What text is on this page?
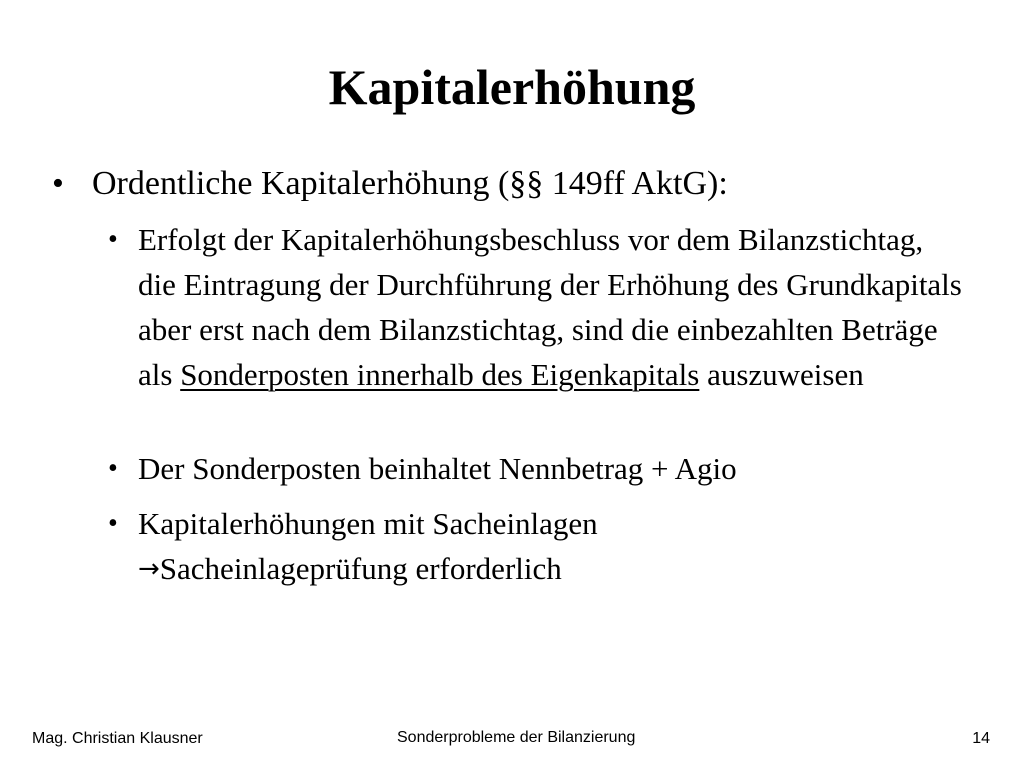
Kapitalerhöhung
• Ordentliche Kapitalerhöhung (§§ 149ff AktG):
• Erfolgt der Kapitalerhöhungsbeschluss vor dem Bilanzstichtag, die Eintragung der Durchführung der Erhöhung des Grundkapitals aber erst nach dem Bilanzstichtag, sind die einbezahlten Beträge als Sonderposten innerhalb des Eigenkapitals auszuweisen
• Der Sonderposten beinhaltet Nennbetrag + Agio
• Kapitalerhöhungen mit Sacheinlagen
→Sacheinlageprüfung erforderlich
Mag. Christian Klausner	Sonderprobleme der Bilanzierung	14
